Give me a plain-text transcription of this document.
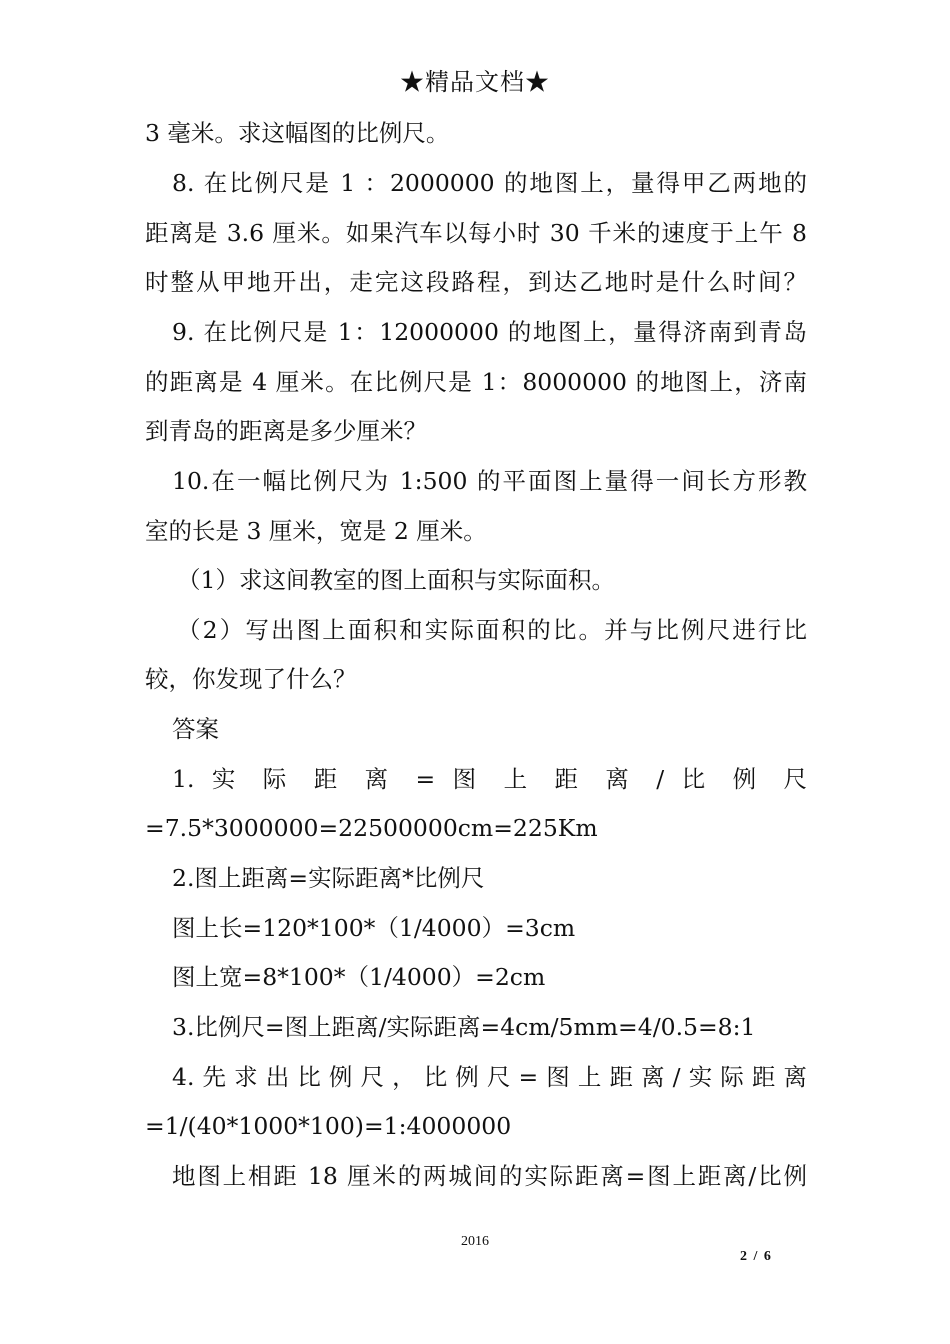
★精品文档★
3 毫米。求这幅图的比例尺。
8. 在比例尺是 1 ：2000000 的地图上，量得甲乙两地的
距离是 3.6 厘米。如果汽车以每小时 30 千米的速度于上午 8
时整从甲地开出，走完这段路程，到达乙地时是什么时间？
9. 在比例尺是 1：12000000 的地图上，量得济南到青岛
的距离是 4 厘米。在比例尺是 1：8000000 的地图上，济南
到青岛的距离是多少厘米？
10.在一幅比例尺为 1:500 的平面图上量得一间长方形教
室的长是 3 厘米，宽是 2 厘米。
（1）求这间教室的图上面积与实际面积。
（2）写出图上面积和实际面积的比。并与比例尺进行比
较，你发现了什么？
答案
1. 实 际 距 离 = 图 上 距 离 / 比 例 尺
=7.5*3000000=22500000cm=225Km
2.图上距离=实际距离*比例尺
图上长=120*100*（1/4000）=3cm
图上宽=8*100*（1/4000）=2cm
3.比例尺=图上距离/实际距离=4cm/5mm=4/0.5=8:1
4.先求出比例尺，比例尺=图上距离/实际距离
=1/(40*1000*100)=1:4000000
地图上相距 18 厘米的两城间的实际距离=图上距离/比例
2016
2 / 6
